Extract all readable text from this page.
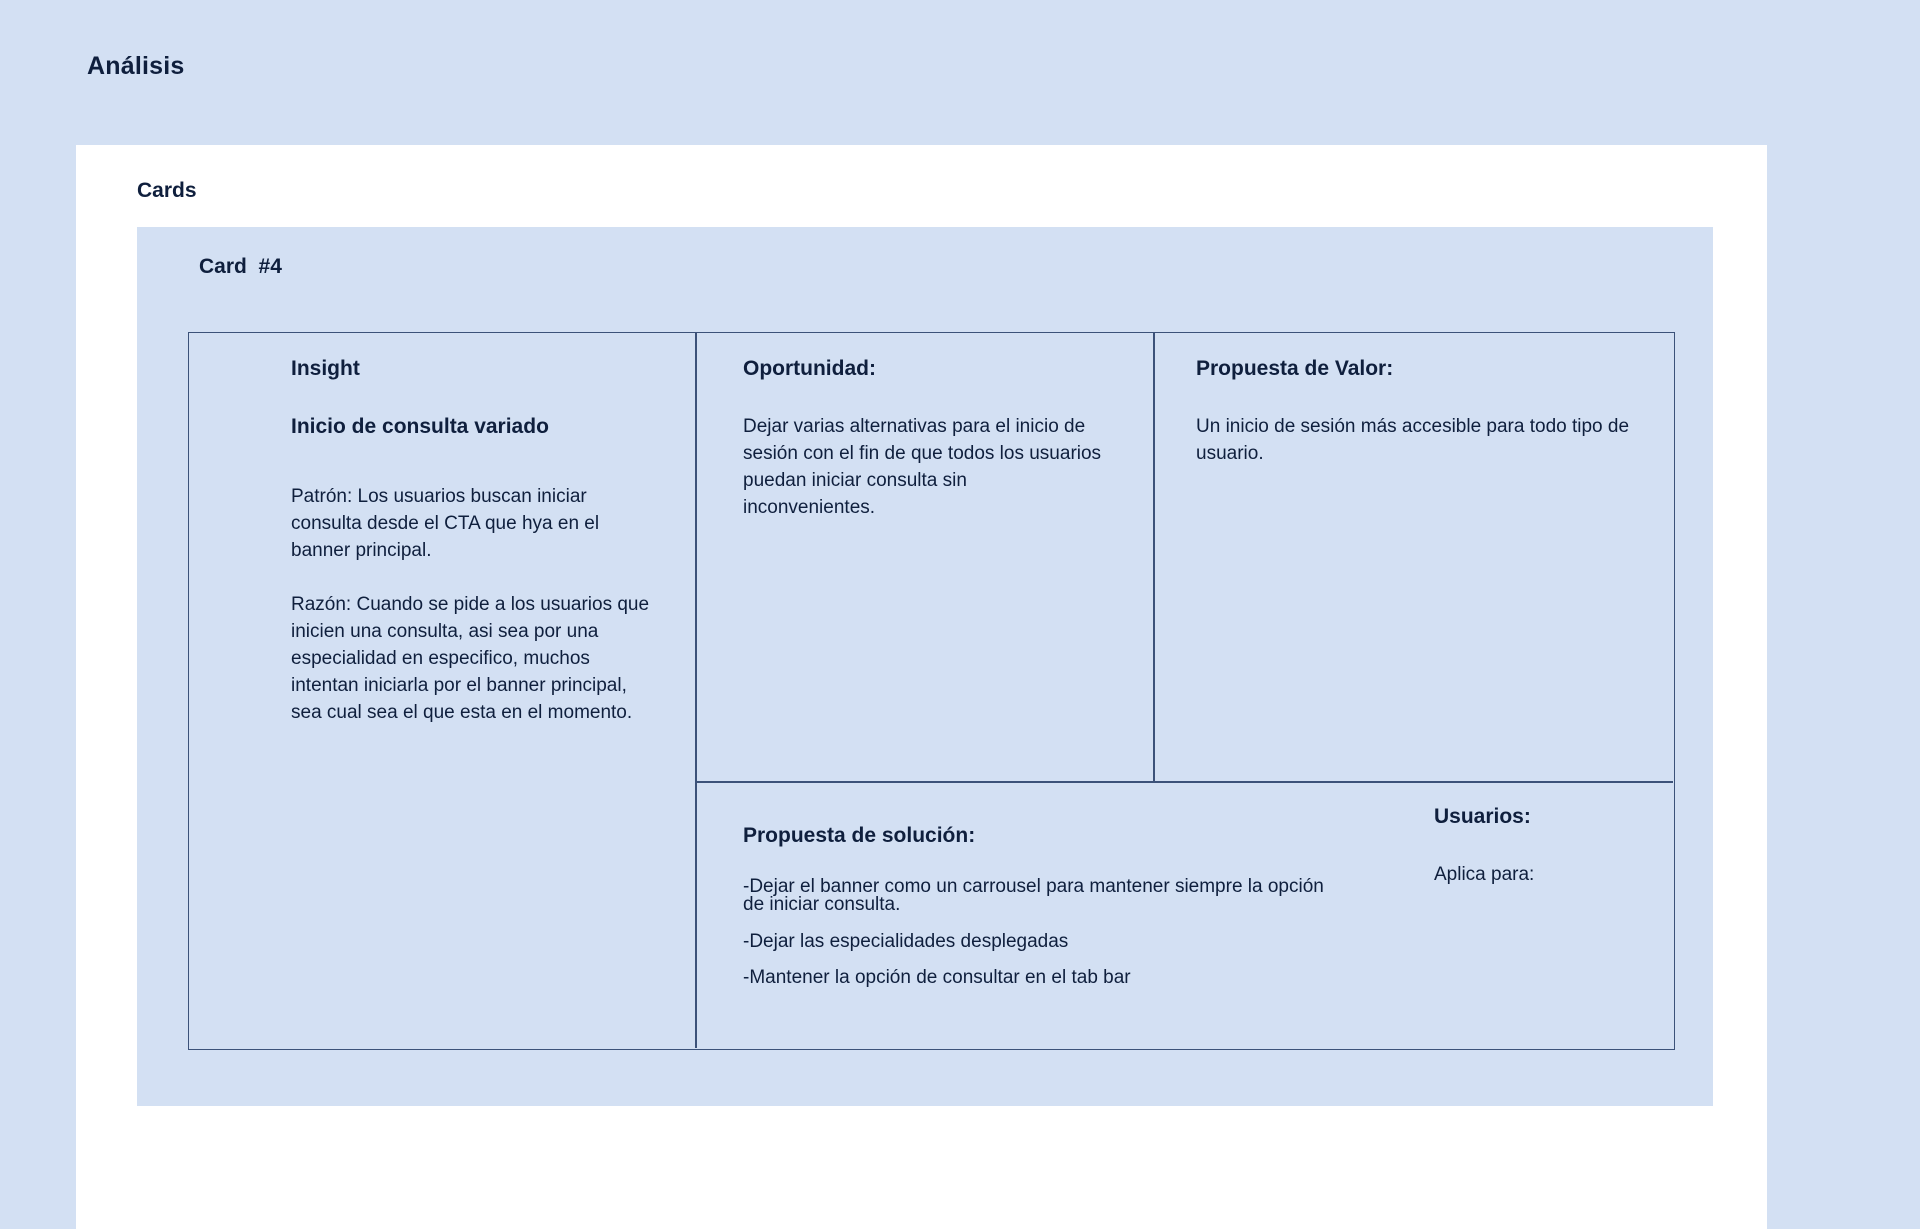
Análisis
Cards
Card  #4
Insight
Inicio de consulta variado

Patrón: Los usuarios buscan iniciar consulta desde el CTA que hya en el banner principal.

Razón: Cuando se pide a los usuarios que inicien una consulta, asi sea por una especialidad en especifico, muchos intentan iniciarla por el banner principal, sea cual sea el que esta en el momento.

Oportunidad:

Dejar varias alternativas para el inicio de sesión con el fin de que todos los usuarios puedan iniciar consulta sin inconvenientes.

Propuesta de Valor:

Un inicio de sesión más accesible para todo tipo de usuario.

Propuesta de solución:
-Dejar el banner como un carrousel para mantener siempre la opción de iniciar consulta.
-Dejar las especialidades desplegadas
-Mantener la opción de consultar en el tab bar
Usuarios:

Aplica para:
